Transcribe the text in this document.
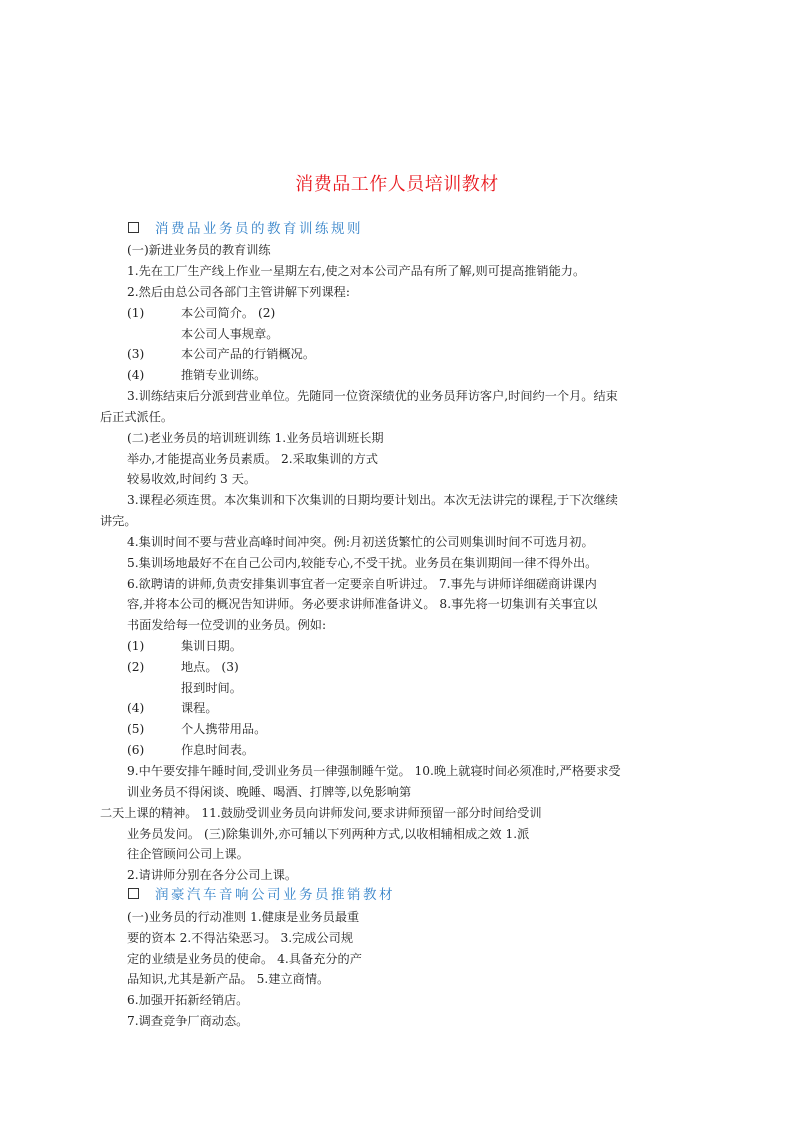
消费品工作人员培训教材
消费品业务员的教育训练规则
(一)新进业务员的教育训练
1.先在工厂生产线上作业一星期左右,使之对本公司产品有所了解,则可提高推销能力。
2.然后由总公司各部门主管讲解下列课程:
(1)	本公司简介。 (2)
本公司人事规章。
(3)	本公司产品的行销概况。
(4)	推销专业训练。
3.训练结束后分派到营业单位。先随同一位资深绩优的业务员拜访客户,时间约一个月。结束
后正式派任。
(二)老业务员的培训班训练 1.业务员培训班长期
举办,才能提高业务员素质。 2.采取集训的方式
较易收效,时间约 3 天。
3.课程必须连贯。本次集训和下次集训的日期均要计划出。本次无法讲完的课程,于下次继续
讲完。
4.集训时间不要与营业高峰时间冲突。例:月初送货繁忙的公司则集训时间不可选月初。
5.集训场地最好不在自己公司内,较能专心,不受干扰。业务员在集训期间一律不得外出。
6.欲聘请的讲师,负责安排集训事宜者一定要亲自听讲过。 7.事先与讲师详细磋商讲课内
容,并将本公司的概况告知讲师。务必要求讲师准备讲义。 8.事先将一切集训有关事宜以
书面发给每一位受训的业务员。例如:
(1)	集训日期。
(2)	地点。 (3)
报到时间。
(4)	课程。
(5)	个人携带用品。
(6)	作息时间表。
9.中午要安排午睡时间,受训业务员一律强制睡午觉。 10.晚上就寝时间必须准时,严格要求受
训业务员不得闲谈、晚睡、喝酒、打牌等,以免影响第
二天上课的精神。 11.鼓励受训业务员向讲师发问,要求讲师预留一部分时间给受训
业务员发问。 (三)除集训外,亦可辅以下列两种方式,以收相辅相成之效 1.派
往企管顾问公司上课。
2.请讲师分别在各分公司上课。
润豪汽车音响公司业务员推销教材
(一)业务员的行动准则 1.健康是业务员最重
要的资本 2.不得沾染恶习。 3.完成公司规
定的业绩是业务员的使命。 4.具备充分的产
品知识,尤其是新产品。 5.建立商情。
6.加强开拓新经销店。
7.调查竞争厂商动态。
